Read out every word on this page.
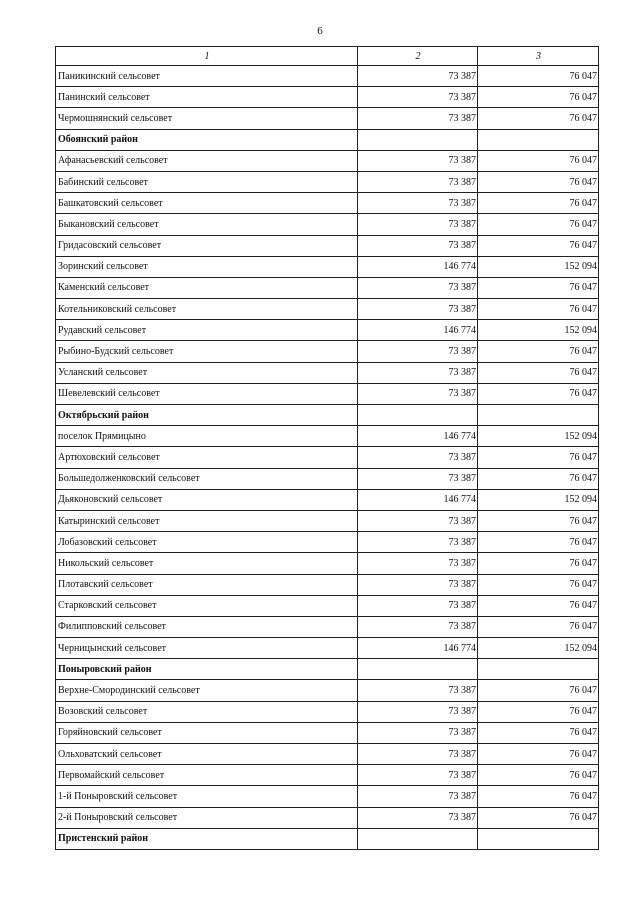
6
1	2	3
Паникинский сельсовет	73 387	76 047
Панинский сельсовет	73 387	76 047
Чермошнянский сельсовет	73 387	76 047
Обоянский район		
Афанасьевский сельсовет	73 387	76 047
Бабинский сельсовет	73 387	76 047
Башкатовский сельсовет	73 387	76 047
Быкановский сельсовет	73 387	76 047
Гридасовский сельсовет	73 387	76 047
Зоринский сельсовет	146 774	152 094
Каменский сельсовет	73 387	76 047
Котельниковский сельсовет	73 387	76 047
Рудавский сельсовет	146 774	152 094
Рыбино-Будский сельсовет	73 387	76 047
Усланский сельсовет	73 387	76 047
Шевелевский сельсовет	73 387	76 047
Октябрьский район		
поселок Прямицыно	146 774	152 094
Артюховский сельсовет	73 387	76 047
Большедолженковский сельсовет	73 387	76 047
Дьяконовский сельсовет	146 774	152 094
Катыринский сельсовет	73 387	76 047
Лобазовский сельсовет	73 387	76 047
Никольский сельсовет	73 387	76 047
Плотавский сельсовет	73 387	76 047
Старковский сельсовет	73 387	76 047
Филипповский сельсовет	73 387	76 047
Черницынский сельсовет	146 774	152 094
Поныровский район		
Верхне-Смородинский сельсовет	73 387	76 047
Возовский сельсовет	73 387	76 047
Горяйновский сельсовет	73 387	76 047
Ольховатский сельсовет	73 387	76 047
Первомайский сельсовет	73 387	76 047
1-й Поныровский сельсовет	73 387	76 047
2-й Поныровский сельсовет	73 387	76 047
Пристенский район		
